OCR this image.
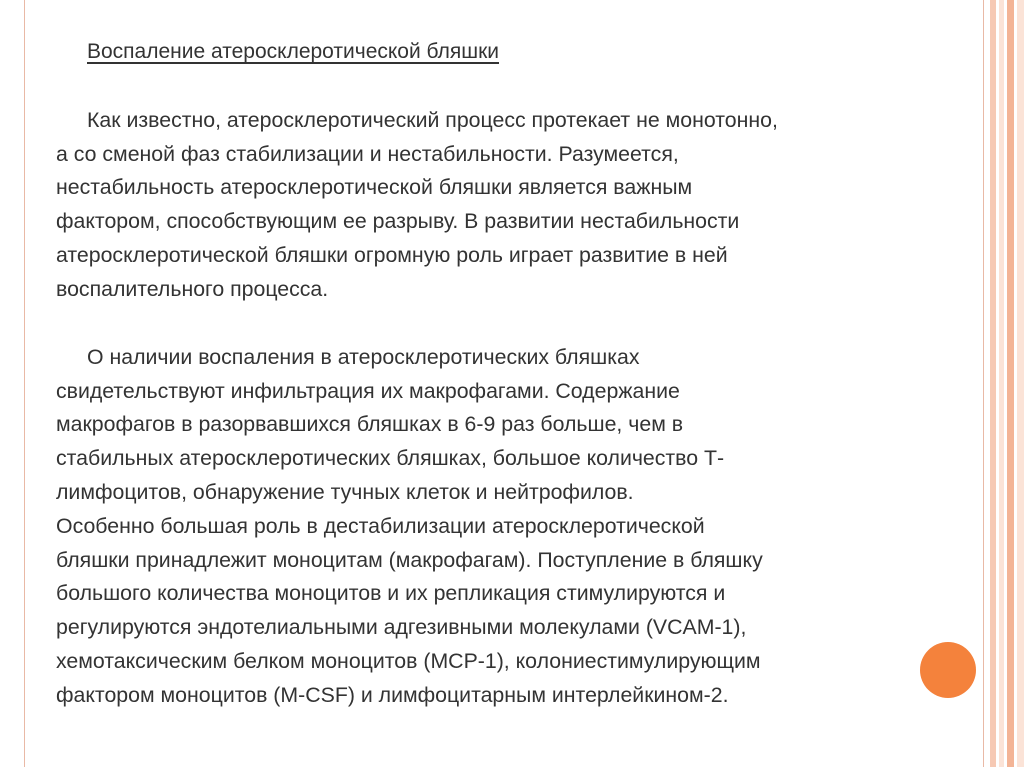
Воспаление атеросклеротической бляшки
Как известно, атеросклеротический процесс протекает не монотонно,
а со сменой фаз стабилизации и нестабильности. Разумеется,
нестабильность атеросклеротической бляшки является важным
фактором, способствующим ее разрыву. В развитии нестабильности
атеросклеротической бляшки огромную роль играет развитие в ней
воспалительного процесса.
О наличии воспаления в атеросклеротических бляшках
свидетельствуют инфильтрация их макрофагами. Содержание
макрофагов в разорвавшихся бляшках в 6-9 раз больше, чем в
стабильных атеросклеротических бляшках, большое количество Т-
лимфоцитов, обнаружение тучных клеток и нейтрофилов.
Особенно большая роль в дестабилизации атеросклеротической
бляшки принадлежит моноцитам (макрофагам). Поступление в бляшку
большого количества моноцитов и их репликация стимулируются и
регулируются эндотелиальными адгезивными молекулами (VCAM-1),
хемотаксическим белком моноцитов (МСР-1), колониестимулирующим
фактором моноцитов (M-CSF) и лимфоцитарным интерлейкином-2.
